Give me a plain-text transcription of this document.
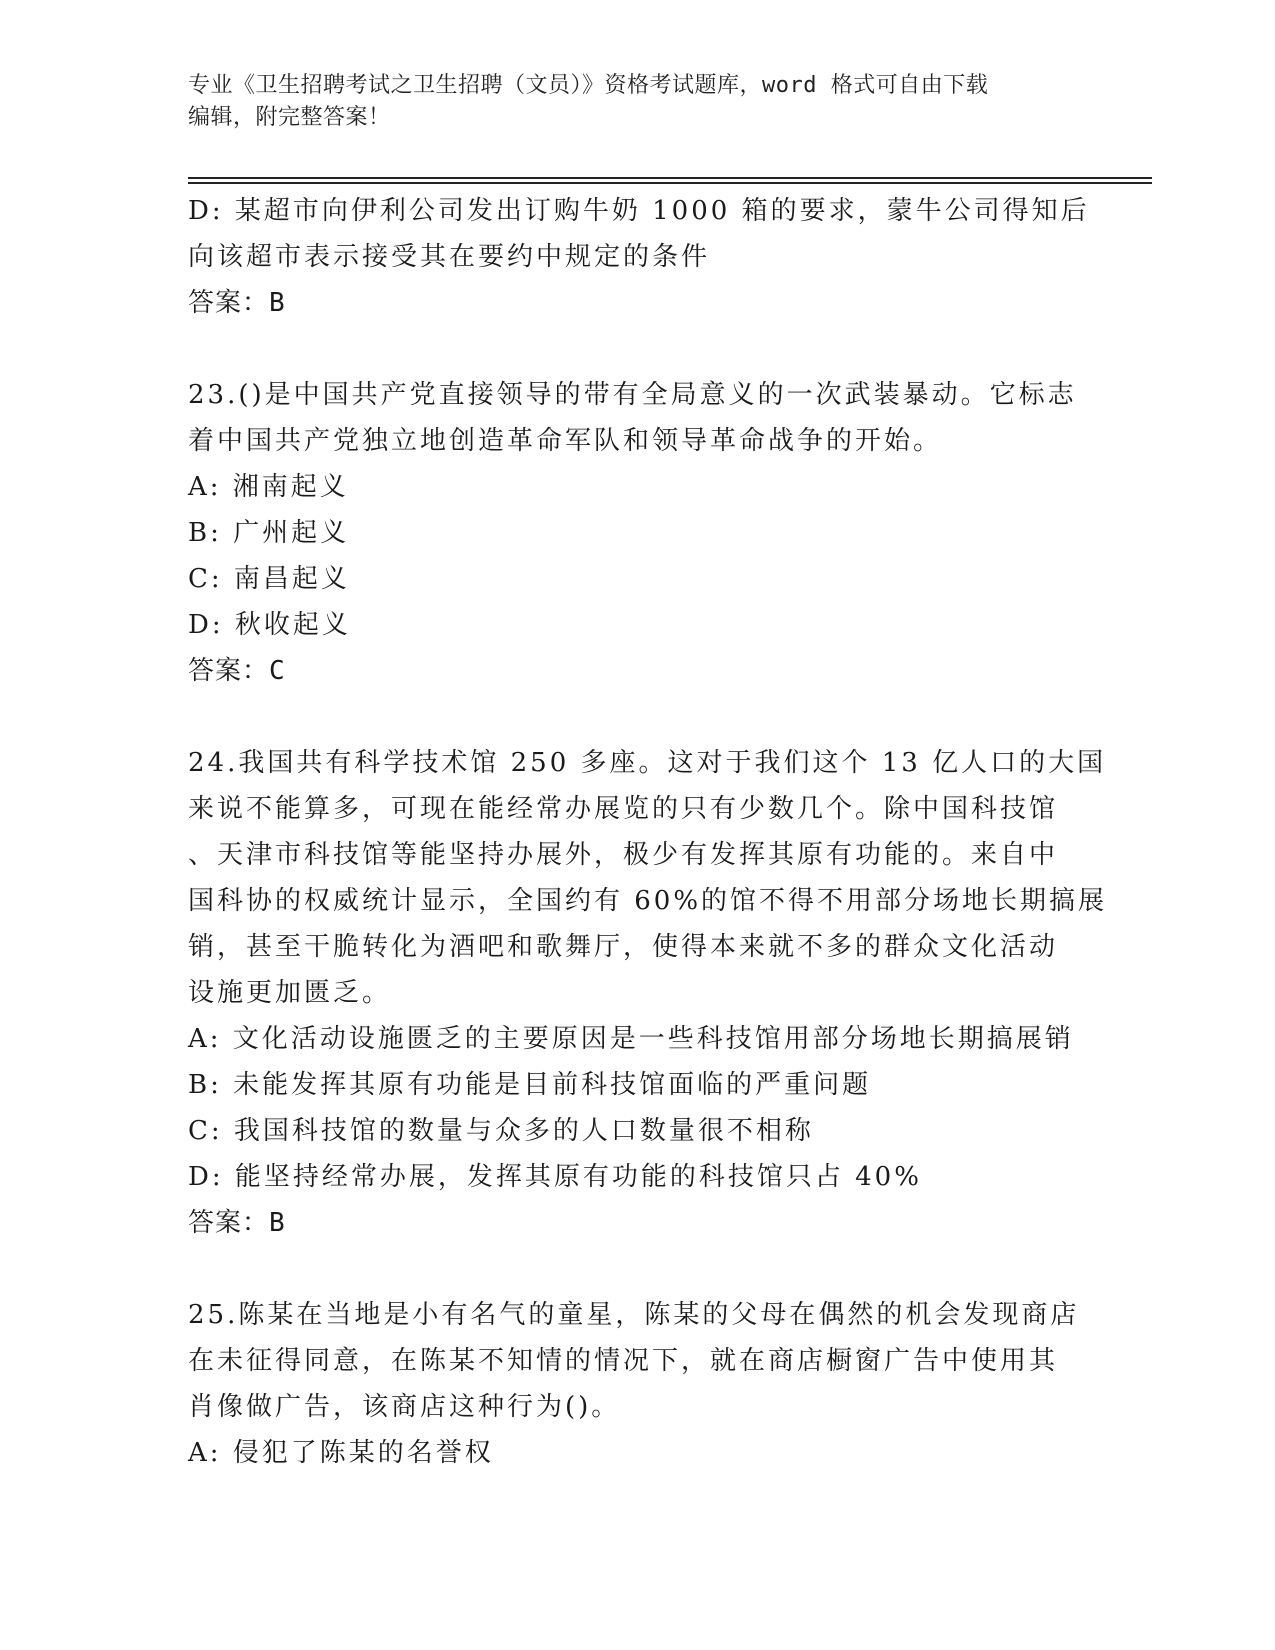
专业《卫生招聘考试之卫生招聘（文员）》资格考试题库，word 格式可自由下载
编辑，附完整答案！
D: 某超市向伊利公司发出订购牛奶 1000 箱的要求，蒙牛公司得知后
向该超市表示接受其在要约中规定的条件
答案：B
23.()是中国共产党直接领导的带有全局意义的一次武装暴动。它标志
着中国共产党独立地创造革命军队和领导革命战争的开始。
A: 湘南起义
B: 广州起义
C: 南昌起义
D: 秋收起义
答案：C
24.我国共有科学技术馆 250 多座。这对于我们这个 13 亿人口的大国
来说不能算多，可现在能经常办展览的只有少数几个。除中国科技馆
、天津市科技馆等能坚持办展外，极少有发挥其原有功能的。来自中
国科协的权威统计显示，全国约有 60%的馆不得不用部分场地长期搞展
销，甚至干脆转化为酒吧和歌舞厅，使得本来就不多的群众文化活动
设施更加匮乏。
A: 文化活动设施匮乏的主要原因是一些科技馆用部分场地长期搞展销
B: 未能发挥其原有功能是目前科技馆面临的严重问题
C: 我国科技馆的数量与众多的人口数量很不相称
D: 能坚持经常办展，发挥其原有功能的科技馆只占 40%
答案：B
25.陈某在当地是小有名气的童星，陈某的父母在偶然的机会发现商店
在未征得同意，在陈某不知情的情况下，就在商店橱窗广告中使用其
肖像做广告，该商店这种行为()。
A: 侵犯了陈某的名誉权
